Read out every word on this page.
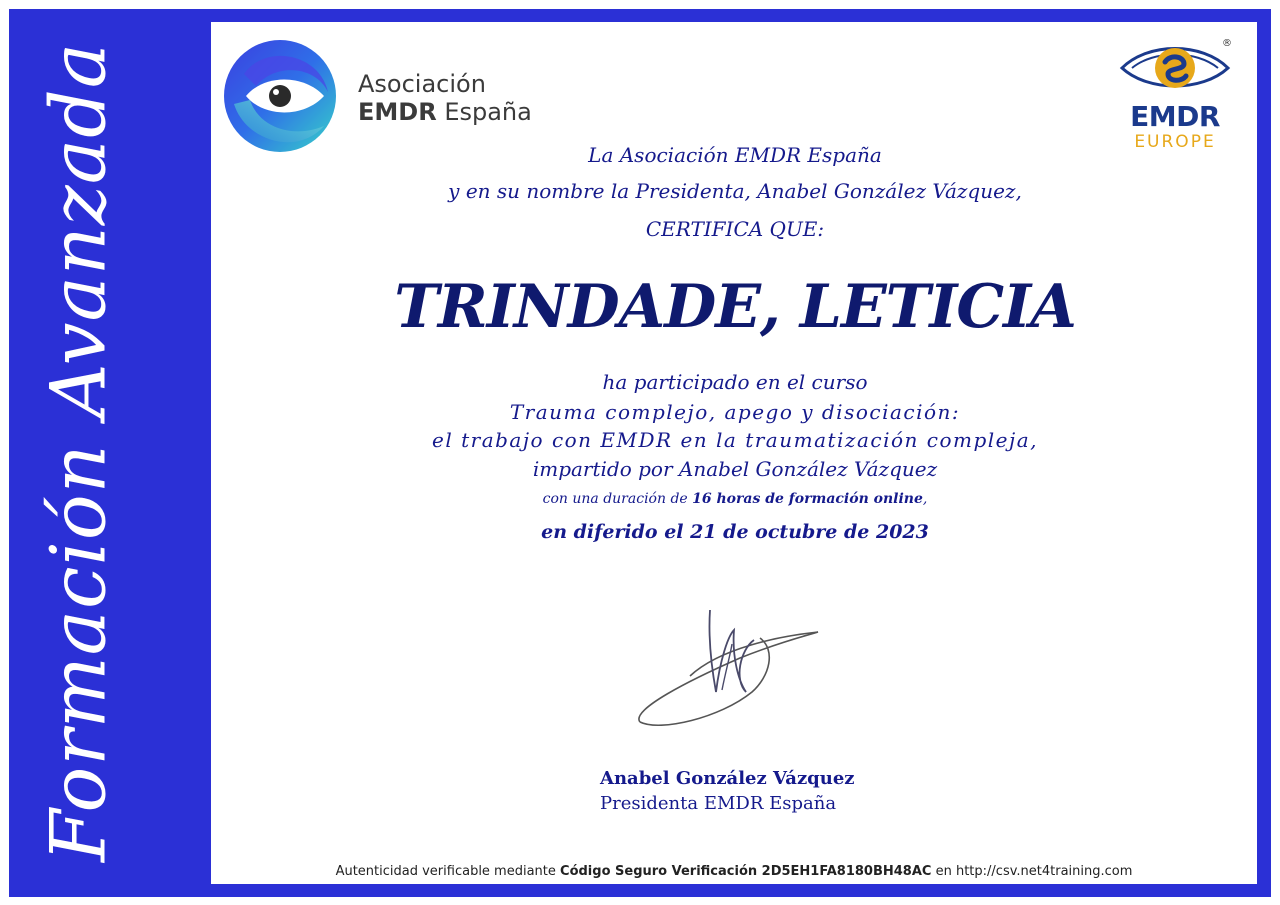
Formación Avanzada	Asociación
EMDR España
®
EMDR
EUROPE
La Asociación EMDR España
y en su nombre la Presidenta, Anabel González Vázquez,
CERTIFICA QUE:
TRINDADE, LETICIA
ha participado en el curso
Trauma complejo, apego y disociación:
el trabajo con EMDR en la traumatización compleja,
impartido por Anabel González Vázquez
con una duración de 16 horas de formación online,
en diferido el 21 de octubre de 2023
Anabel González Vázquez
Presidenta EMDR España
Autenticidad verificable mediante Código Seguro Verificación 2D5EH1FA8180BH48AC en http://csv.net4training.com
